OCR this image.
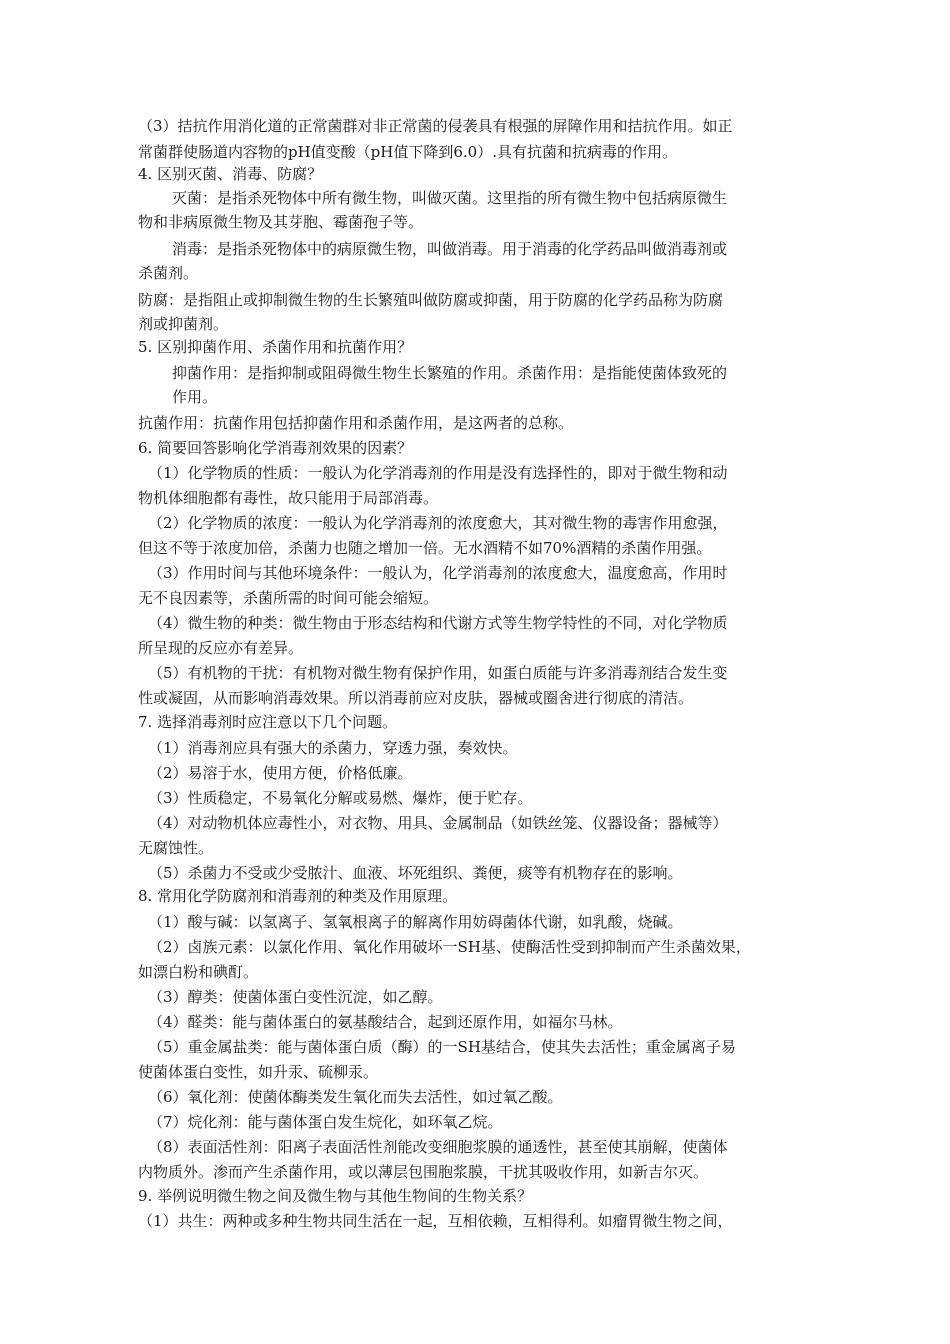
（3）拮抗作用消化道的正常菌群对非正常菌的侵袭具有根强的屏障作用和拮抗作用。如正
常菌群使肠道内容物的pH值变酸（pH值下降到6.0）.具有抗菌和抗病毒的作用。
4. 区别灭菌、消毒、防腐？
灭菌：是指杀死物体中所有微生物，叫做灭菌。这里指的所有微生物中包括病原微生
物和非病原微生物及其芽胞、霉菌孢子等。
消毒：是指杀死物体中的病原微生物，叫做消毒。用于消毒的化学药品叫做消毒剂或
杀菌剂。
防腐：是指阻止或抑制微生物的生长繁殖叫做防腐或抑菌，用于防腐的化学药品称为防腐
剂或抑菌剂。
5. 区别抑菌作用、杀菌作用和抗菌作用？
抑菌作用：是指抑制或阻碍微生物生长繁殖的作用。杀菌作用：是指能使菌体致死的
作用。
抗菌作用：抗菌作用包括抑菌作用和杀菌作用，是这两者的总称。
6. 简要回答影响化学消毒剂效果的因素？
（1）化学物质的性质：一般认为化学消毒剂的作用是没有选择性的，即对于微生物和动
物机体细胞都有毒性，故只能用于局部消毒。
（2）化学物质的浓度：一般认为化学消毒剂的浓度愈大，其对微生物的毒害作用愈强，
但这不等于浓度加倍，杀菌力也随之增加一倍。无水酒精不如70%酒精的杀菌作用强。
（3）作用时间与其他环境条件：一般认为，化学消毒剂的浓度愈大，温度愈高，作用时
无不良因素等，杀菌所需的时间可能会缩短。
（4）微生物的种类：微生物由于形态结构和代谢方式等生物学特性的不同，对化学物质
所呈现的反应亦有差异。
（5）有机物的干扰：有机物对微生物有保护作用，如蛋白质能与许多消毒剂结合发生变
性或凝固，从而影响消毒效果。所以消毒前应对皮肤，器械或圈舍进行彻底的清洁。
7. 选择消毒剂时应注意以下几个问题。
（1）消毒剂应具有强大的杀菌力，穿透力强，奏效快。
（2）易溶于水，使用方便，价格低廉。
（3）性质稳定，不易氧化分解或易燃、爆炸，便于贮存。
（4）对动物机体应毒性小，对衣物、用具、金属制品（如铁丝笼、仪器设备；器械等）
无腐蚀性。
（5）杀菌力不受或少受脓汁、血液、坏死组织、粪便，痰等有机物存在的影响。
8. 常用化学防腐剂和消毒剂的种类及作用原理。
（1）酸与碱：以氢离子、氢氧根离子的解离作用妨碍菌体代谢，如乳酸，烧碱。
（2）卤族元素：以氯化作用、氧化作用破坏一SH基、使酶活性受到抑制而产生杀菌效果，
如漂白粉和碘酊。
（3）醇类：使菌体蛋白变性沉淀，如乙醇。
（4）醛类：能与菌体蛋白的氨基酸结合，起到还原作用，如福尔马林。
（5）重金属盐类：能与菌体蛋白质（酶）的一SH基结合，使其失去活性；重金属离子易
使菌体蛋白变性，如升汞、硫柳汞。
（6）氧化剂：使菌体酶类发生氧化而失去活性，如过氧乙酸。
（7）烷化剂：能与菌体蛋白发生烷化，如环氧乙烷。
（8）表面活性剂：阳离子表面活性剂能改变细胞浆膜的通透性，甚至使其崩解，使菌体
内物质外。渗而产生杀菌作用，或以薄层包围胞浆膜，干扰其吸收作用，如新吉尔灭。
9. 举例说明微生物之间及微生物与其他生物间的生物关系？
（1）共生：两种或多种生物共同生活在一起，互相依赖，互相得利。如瘤胃微生物之间，
